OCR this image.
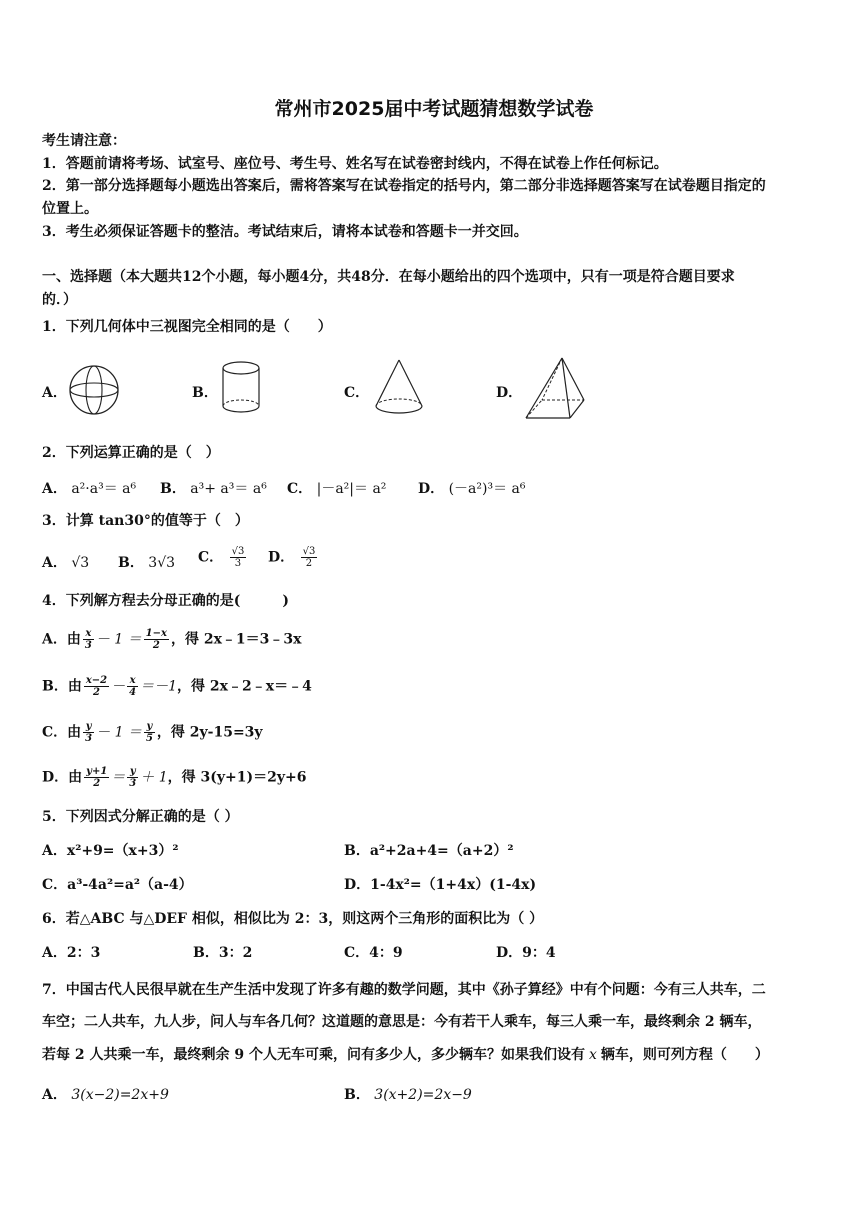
常州市2025届中考试题猜想数学试卷
考生请注意：
1．答题前请将考场、试室号、座位号、考生号、姓名写在试卷密封线内，不得在试卷上作任何标记。
2．第一部分选择题每小题选出答案后，需将答案写在试卷指定的括号内，第二部分非选择题答案写在试卷题目指定的
位置上。
3．考生必须保证答题卡的整洁。考试结束后，请将本试卷和答题卡一并交回。
一、选择题（本大题共12个小题，每小题4分，共48分．在每小题给出的四个选项中，只有一项是符合题目要求
的．）
1．下列几何体中三视图完全相同的是（　　）
A．	B．	C．	D．
2．下列运算正确的是（　）
A． a²·a³＝ a⁶ B． a³+ a³＝ a⁶ C． |－a²|＝ a² D． (－a²)³＝ a⁶
3．计算 tan30°的值等于（　）
A． √3 B． 3√3 C． $\frac{√3}{3}$ D． $\frac{√3}{2}$
4．下列解方程去分母正确的是(　　　)
A．由 $\frac{x}{3} - 1 = \frac{1-x}{2}$ ，得 2x﹣1＝3﹣3x
B．由 $\frac{x-2}{2} - \frac{x}{4} =-1$，得 2x﹣2﹣x＝﹣4
C．由 $\frac{y}{3} - 1 = \frac{y}{5}$ ，得 2y-15=3y
D．由 $\frac{y+1}{2} = \frac{y}{3} + 1$，得 3(y+1)＝2y+6
5．下列因式分解正确的是（ ）
A．x²+9=（x+3）²	B．a²+2a+4=（a+2）²
C．a³-4a²=a²（a-4）	D．1-4x²=（1+4x）(1-4x)
6．若△ABC 与△DEF 相似，相似比为 2：3，则这两个三角形的面积比为（ ）
A．2：3	B．3：2	C．4：9	D．9：4
7．中国古代人民很早就在生产生活中发现了许多有趣的数学问题，其中《孙子算经》中有个问题：今有三人共车，二
车空；二人共车，九人步，问人与车各几何？这道题的意思是：今有若干人乘车，每三人乘一车，最终剩余 2 辆车，
若每 2 人共乘一车，最终剩余 9 个人无车可乘，问有多少人，多少辆车？如果我们设有 x 辆车，则可列方程（　　）
A． 3(x−2)=2x+9	B． 3(x+2)=2x−9
